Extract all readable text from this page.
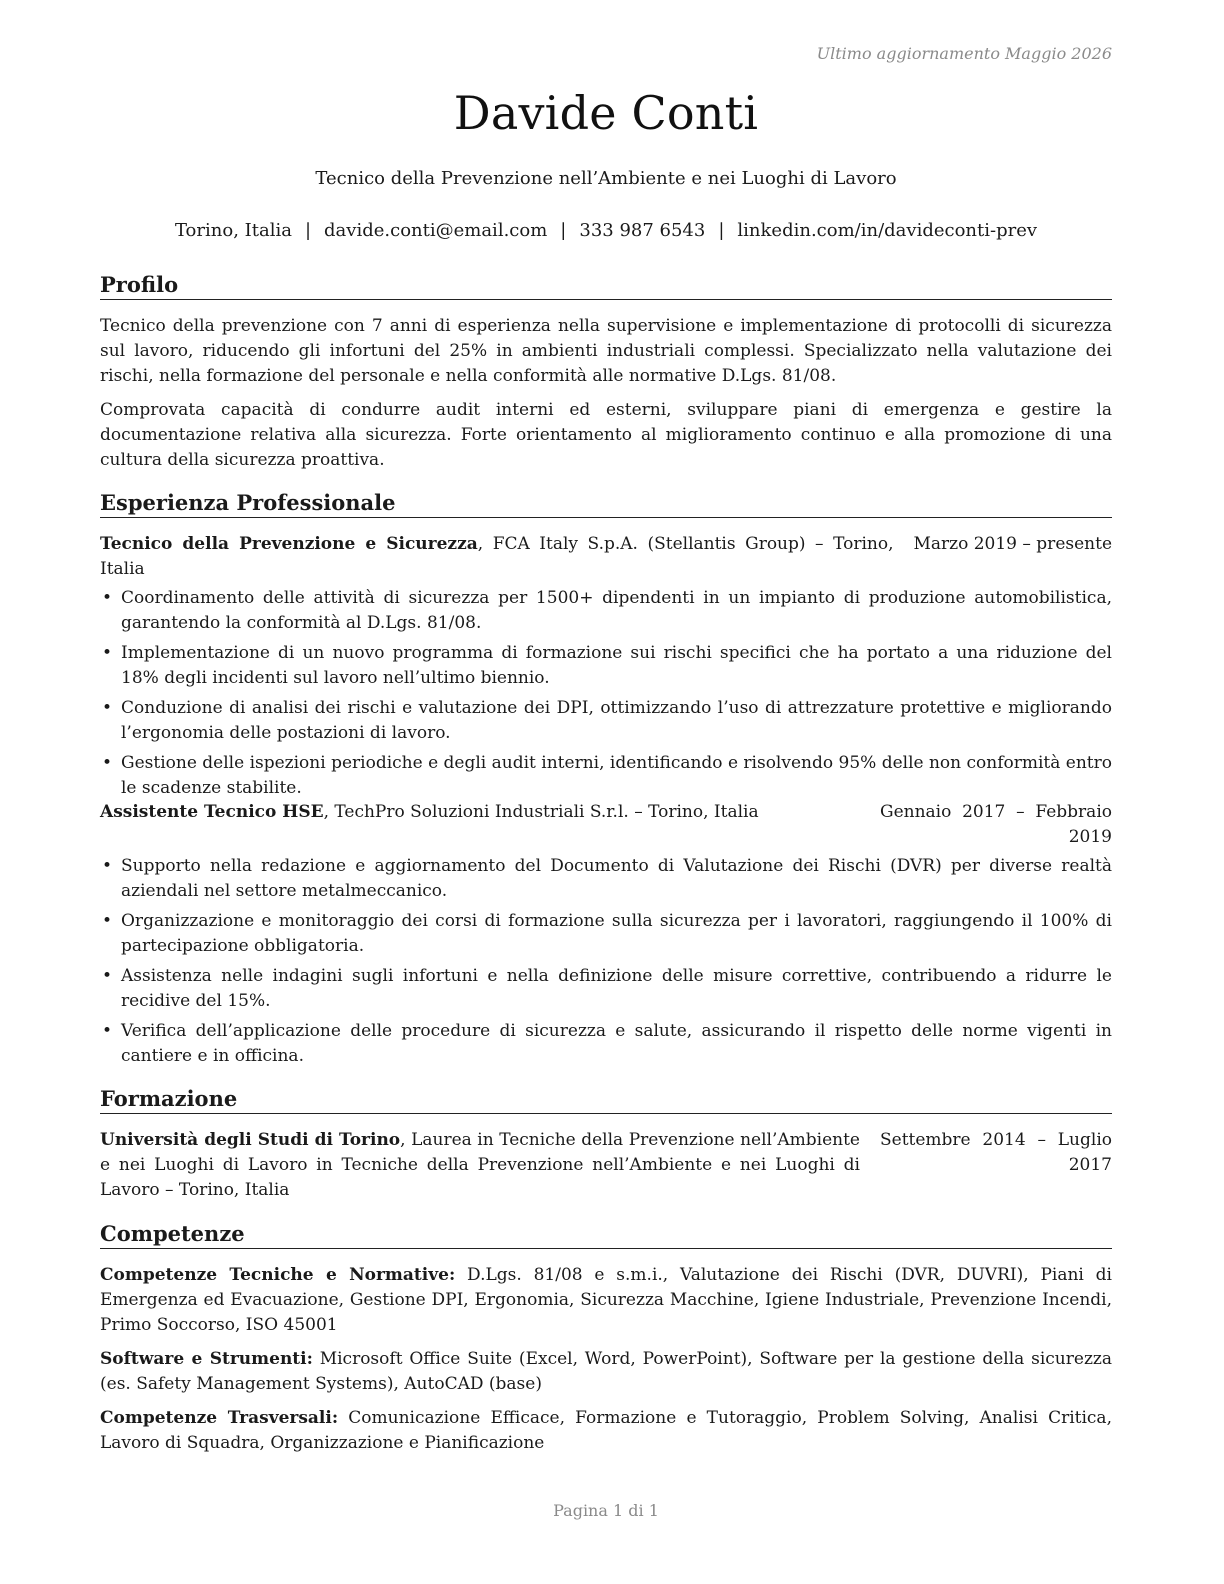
Ultimo aggiornamento Maggio 2026
Davide Conti
Tecnico della Prevenzione nell’Ambiente e nei Luoghi di Lavoro
Torino, Italia | davide.conti@email.com | 333 987 6543 | linkedin.com/in/davideconti-prev
Profilo

Tecnico della prevenzione con 7 anni di esperienza nella supervisione e implementazione di protocolli di sicurezza sul lavoro, riducendo gli infortuni del 25% in ambienti industriali complessi. Specializzato nella valutazione dei rischi, nella formazione del personale e nella conformità alle normative D.Lgs. 81/08.

Comprovata capacità di condurre audit interni ed esterni, sviluppare piani di emergenza e gestire la documentazione relativa alla sicurezza. Forte orientamento al miglioramento continuo e alla promozione di una cultura della sicurezza proattiva.

Esperienza Professionale
Tecnico della Prevenzione e Sicurezza, FCA Italy S.p.A. (Stellantis Group) – Torino, Italia
Marzo 2019 – presente
• Coordinamento delle attività di sicurezza per 1500+ dipendenti in un impianto di produzione automobilistica, garantendo la conformità al D.Lgs. 81/08.
• Implementazione di un nuovo programma di formazione sui rischi specifici che ha portato a una riduzione del 18% degli incidenti sul lavoro nell’ultimo biennio.
• Conduzione di analisi dei rischi e valutazione dei DPI, ottimizzando l’uso di attrezzature protettive e migliorando l’ergonomia delle postazioni di lavoro.
• Gestione delle ispezioni periodiche e degli audit interni, identificando e risolvendo 95% delle non conformità entro le scadenze stabilite.
Assistente Tecnico HSE, TechPro Soluzioni Industriali S.r.l. – Torino, Italia	Gennaio 2017 – Febbraio 2019
• Supporto nella redazione e aggiornamento del Documento di Valutazione dei Rischi (DVR) per diverse realtà aziendali nel settore metalmeccanico.
• Organizzazione e monitoraggio dei corsi di formazione sulla sicurezza per i lavoratori, raggiungendo il 100% di partecipazione obbligatoria.
• Assistenza nelle indagini sugli infortuni e nella definizione delle misure correttive, contribuendo a ridurre le recidive del 15%.
• Verifica dell’applicazione delle procedure di sicurezza e salute, assicurando il rispetto delle norme vigenti in cantiere e in officina.
Formazione
Università degli Studi di Torino, Laurea in Tecniche della Prevenzione nell’Ambiente e nei Luoghi di Lavoro in Tecniche della Prevenzione nell’Ambiente e nei Luoghi di Lavoro – Torino, Italia
Settembre 2014 – Luglio 2017
Competenze

Competenze Tecniche e Normative: D.Lgs. 81/08 e s.m.i., Valutazione dei Rischi (DVR, DUVRI), Piani di Emergenza ed Evacuazione, Gestione DPI, Ergonomia, Sicurezza Macchine, Igiene Industriale, Prevenzione Incendi, Primo Soccorso, ISO 45001

Software e Strumenti: Microsoft Office Suite (Excel, Word, PowerPoint), Software per la gestione della sicurezza (es. Safety Management Systems), AutoCAD (base)

Competenze Trasversali: Comunicazione Efficace, Formazione e Tutoraggio, Problem Solving, Analisi Critica, Lavoro di Squadra, Organizzazione e Pianificazione

Pagina 1 di 1
